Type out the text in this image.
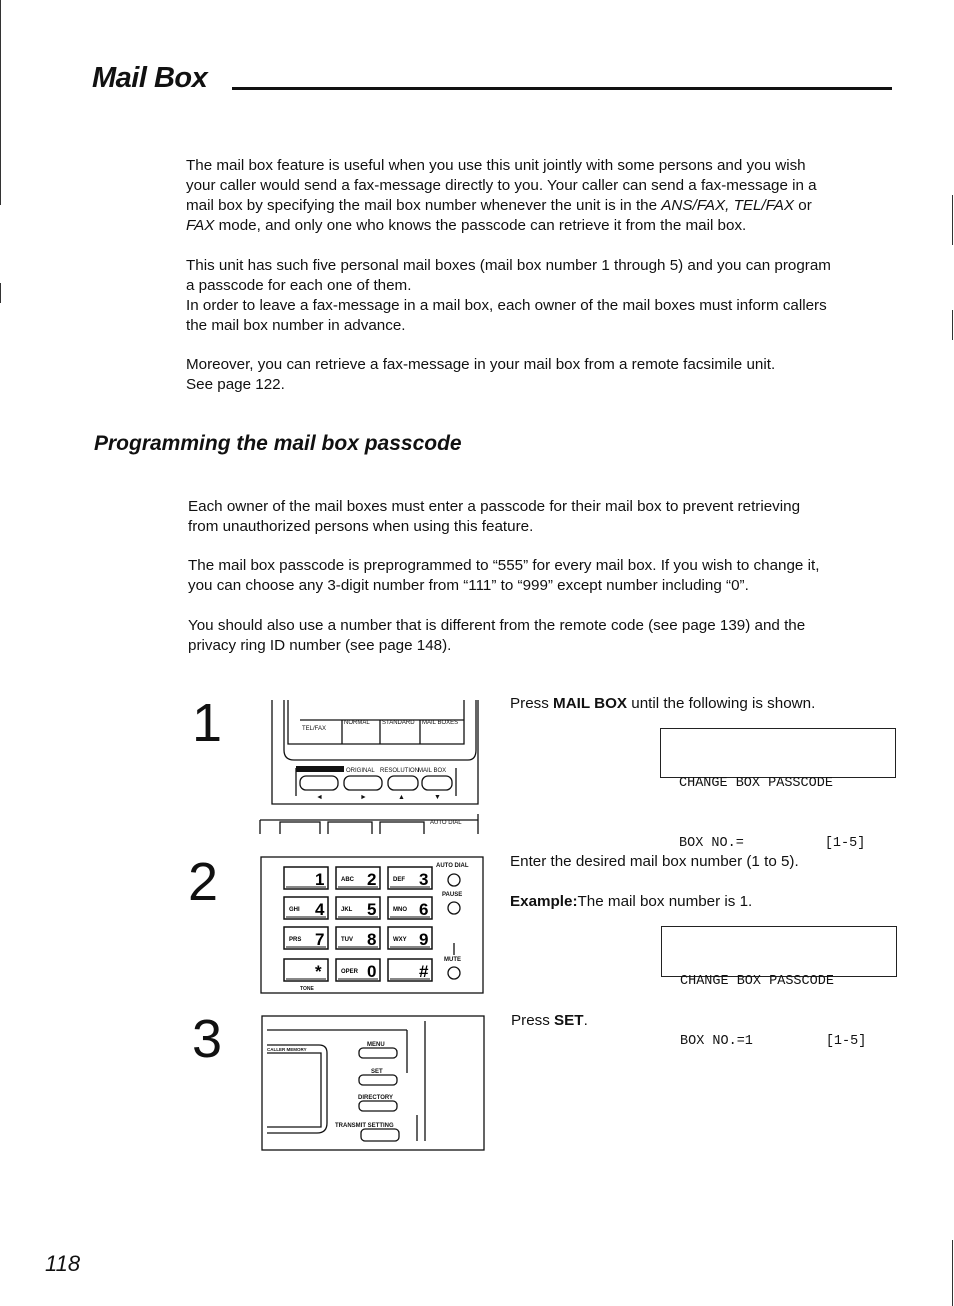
Mail Box

The mail box feature is useful when you use this unit jointly with some persons and you wish

your caller would send a fax-message directly to you. Your caller can send a fax-message in a

mail box by specifying the mail box number whenever the unit is in the ANS/FAX, TEL/FAX or

FAX mode, and only one who knows the passcode can retrieve it from the mail box.

This unit has such five personal mail boxes (mail box number 1 through 5) and you can program

a passcode for each one of them.

In order to leave a fax-message in a mail box, each owner of the mail boxes must inform callers

the mail box number in advance.

Moreover, you can retrieve a fax-message in your mail box from a remote facsimile unit.

See page 122.

Programming the mail box passcode

Each owner of the mail boxes must enter a passcode for their mail box to prevent retrieving

from unauthorized persons when using this feature.

The mail box passcode is preprogrammed to “555” for every mail box. If you wish to change it,

you can choose any 3-digit number from “111” to “999” except number including “0”.

You should also use a number that is different from the remote code (see page 139) and the

privacy ring ID number (see page 148).

1	TEL/FAX
NORMAL STANDARD MAIL BOXES
ORIGINAL RESOLUTION
MAIL BOX
AUTO DIAL
◄	►	▲	▼
Press MAIL BOX until the following is shown.

CHANGE BOX PASSCODE

BOX NO.=          [1-5]

2	1	ABC 2	DEF 3
GHI 4	JKL 5	MNO 6
PRS 7	TUV 8	WXY 9
*	OPER 0	#
AUTO DIAL
PAUSE
MUTE
TONE
Enter the desired mail box number (1 to 5).
Example:The mail box number is 1.

CHANGE BOX PASSCODE

BOX NO.=1         [1-5]

3	CALLER MEMORY
MENU
SET
DIRECTORY
TRANSMIT SETTING
Press SET.
118
